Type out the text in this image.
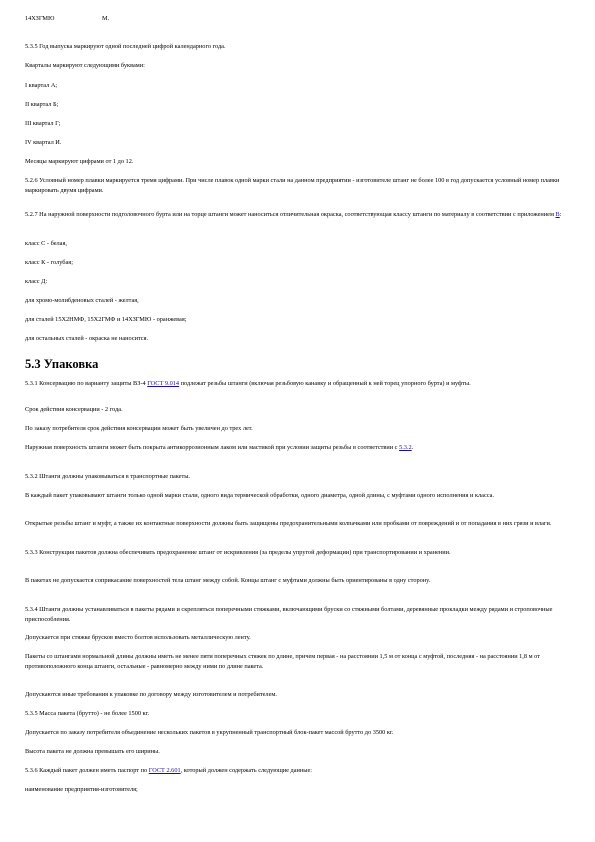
14ХЗГМЮ	М.

5.3.5 Год выпуска маркируют одной последней цифрой календарного года.

Кварталы маркируют следующими буквами:

I квартал А;

II квартал Б;

III квартал Г;

IV квартал И.

Месяцы маркируют цифрами от 1 до 12.

5.2.6 Условный номер плавки маркируется тремя цифрами. При числе плавок одной марки стали на данном предприятии - изготовителе штанг не более 100 в год допускается условный номер плавки маркировать двумя цифрами.

5.2.7 На наружной поверхности подголовочного бурта или на торце штанги может наноситься отличительная окраска, соответствующая классу штанги по материалу в соответствии с приложением В:

класс С - белая,

класс К - голубая;

класс Д:

для хромо-молибденовых сталей - желтая,

для сталей 15Х2НМФ, 15Х2ГМФ и 14ХЗГМЮ - оранжевая;

для остальных сталей - окраска не наносится.

5.3 Упаковка

5.3.1 Консервацию по варианту защиты ВЗ-4 ГОСТ 9.014 подлежат резьбы штанги (включая резьбовую канавку и обращенный к ней торец упорного бурта) и муфты.

Срок действия консервации - 2 года.

По заказу потребителя срок действия консервации может быть увеличен до трех лет.

Наружная поверхность штанги может быть покрыта антикоррозионным лаком или мастикой при условии защиты резьбы в соответствии с 5.3.2.

5.3.2 Штанги должны упаковываться в транспортные пакеты.

В каждый пакет упаковывают штанги только одной марки стали, одного вида термической обработки, одного диаметра, одной длины, с муфтами одного исполнения и класса.

Открытые резьбы штанг и муфт, а также их контактные поверхности должны быть защищены предохранительными колпачками или пробками от повреждений и от попадания в них грязи и влаги.

5.3.3 Конструкция пакетов должна обеспечивать предохранение штанг от искривления (за пределы упругой деформации) при транспортировании и хранении.

В пакетах не допускается соприкасание поверхностей тела штанг между собой. Концы штанг с муфтами должны быть ориентированы в одну сторону.

5.3.4 Штанги должны устанавливаться в пакеты рядами и скрепляться поперечными стяжками, включающими бруски со стяжными болтами, деревянные прокладки между рядами и строповочные приспособления.

Допускается при стяжке брусков вместо болтов использовать металлическую ленту.

Пакеты со штангами нормальной длины должны иметь не менее пяти поперечных стяжек по длине, причем первая - на расстоянии 1,5 м от конца с муфтой, последняя - на расстоянии 1,8 м от противоположного конца штанги, остальные - равномерно между ними по длине пакета.

Допускаются иные требования к упаковке по договору между изготовителем и потребителем.

5.3.5 Масса пакета (брутто) - не более 1500 кг.

Допускается по заказу потребителя объединение нескольких пакетов в укрупненный транспортный блок-пакет массой брутто до 3500 кг.

Высота пакета не должна превышать его ширины.

5.3.6 Каждый пакет должен иметь паспорт по ГОСТ 2.601, который должен содержать следующие данные:

наименование предприятия-изготовителя;
